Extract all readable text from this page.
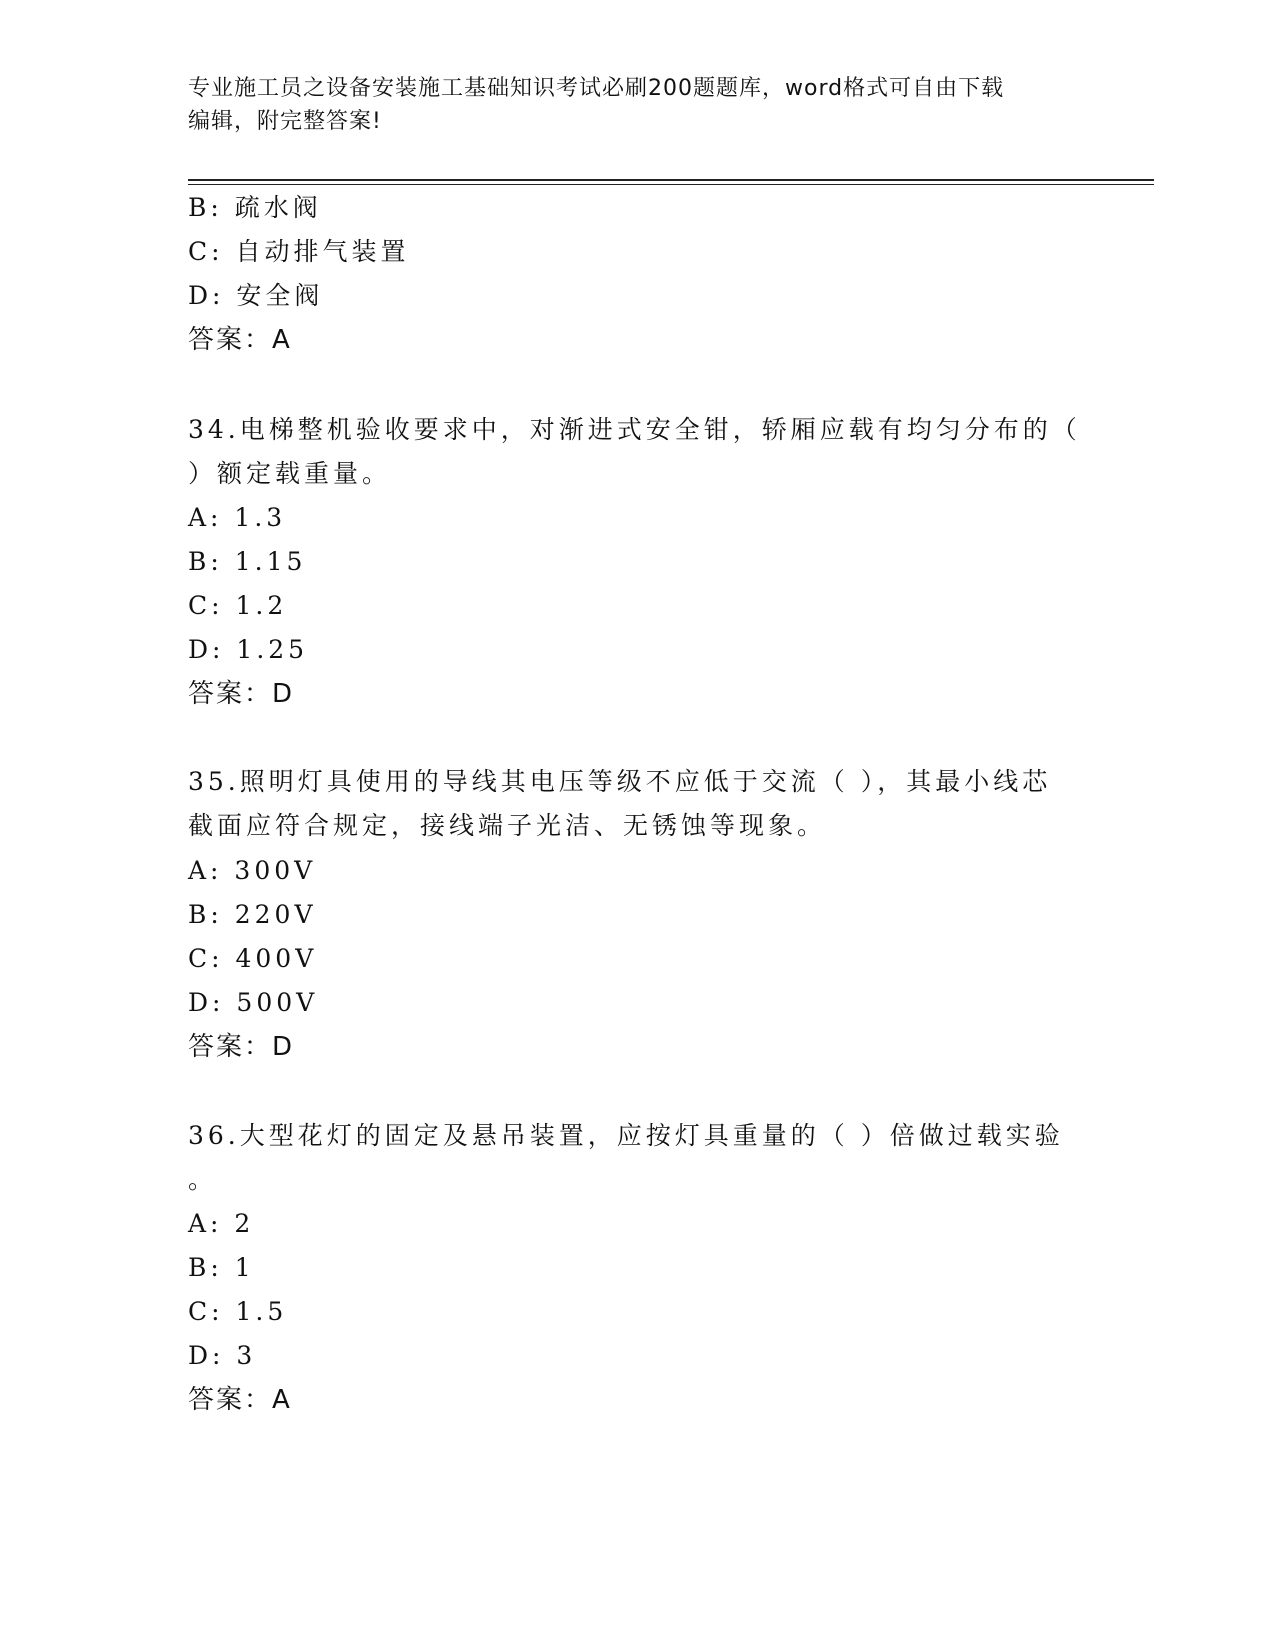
专业施工员之设备安装施工基础知识考试必刷200题题库，word格式可自由下载
编辑，附完整答案!
B: 疏水阀
C: 自动排气装置
D: 安全阀
答案：A
34.电梯整机验收要求中，对渐进式安全钳，轿厢应载有均匀分布的（
）额定载重量。
A: 1.3
B: 1.15
C: 1.2
D: 1.25
答案：D
35.照明灯具使用的导线其电压等级不应低于交流（ ），其最小线芯
截面应符合规定，接线端子光洁、无锈蚀等现象。
A: 300V
B: 220V
C: 400V
D: 500V
答案：D
36.大型花灯的固定及悬吊装置，应按灯具重量的（ ）倍做过载实验
。
A: 2
B: 1
C: 1.5
D: 3
答案：A
